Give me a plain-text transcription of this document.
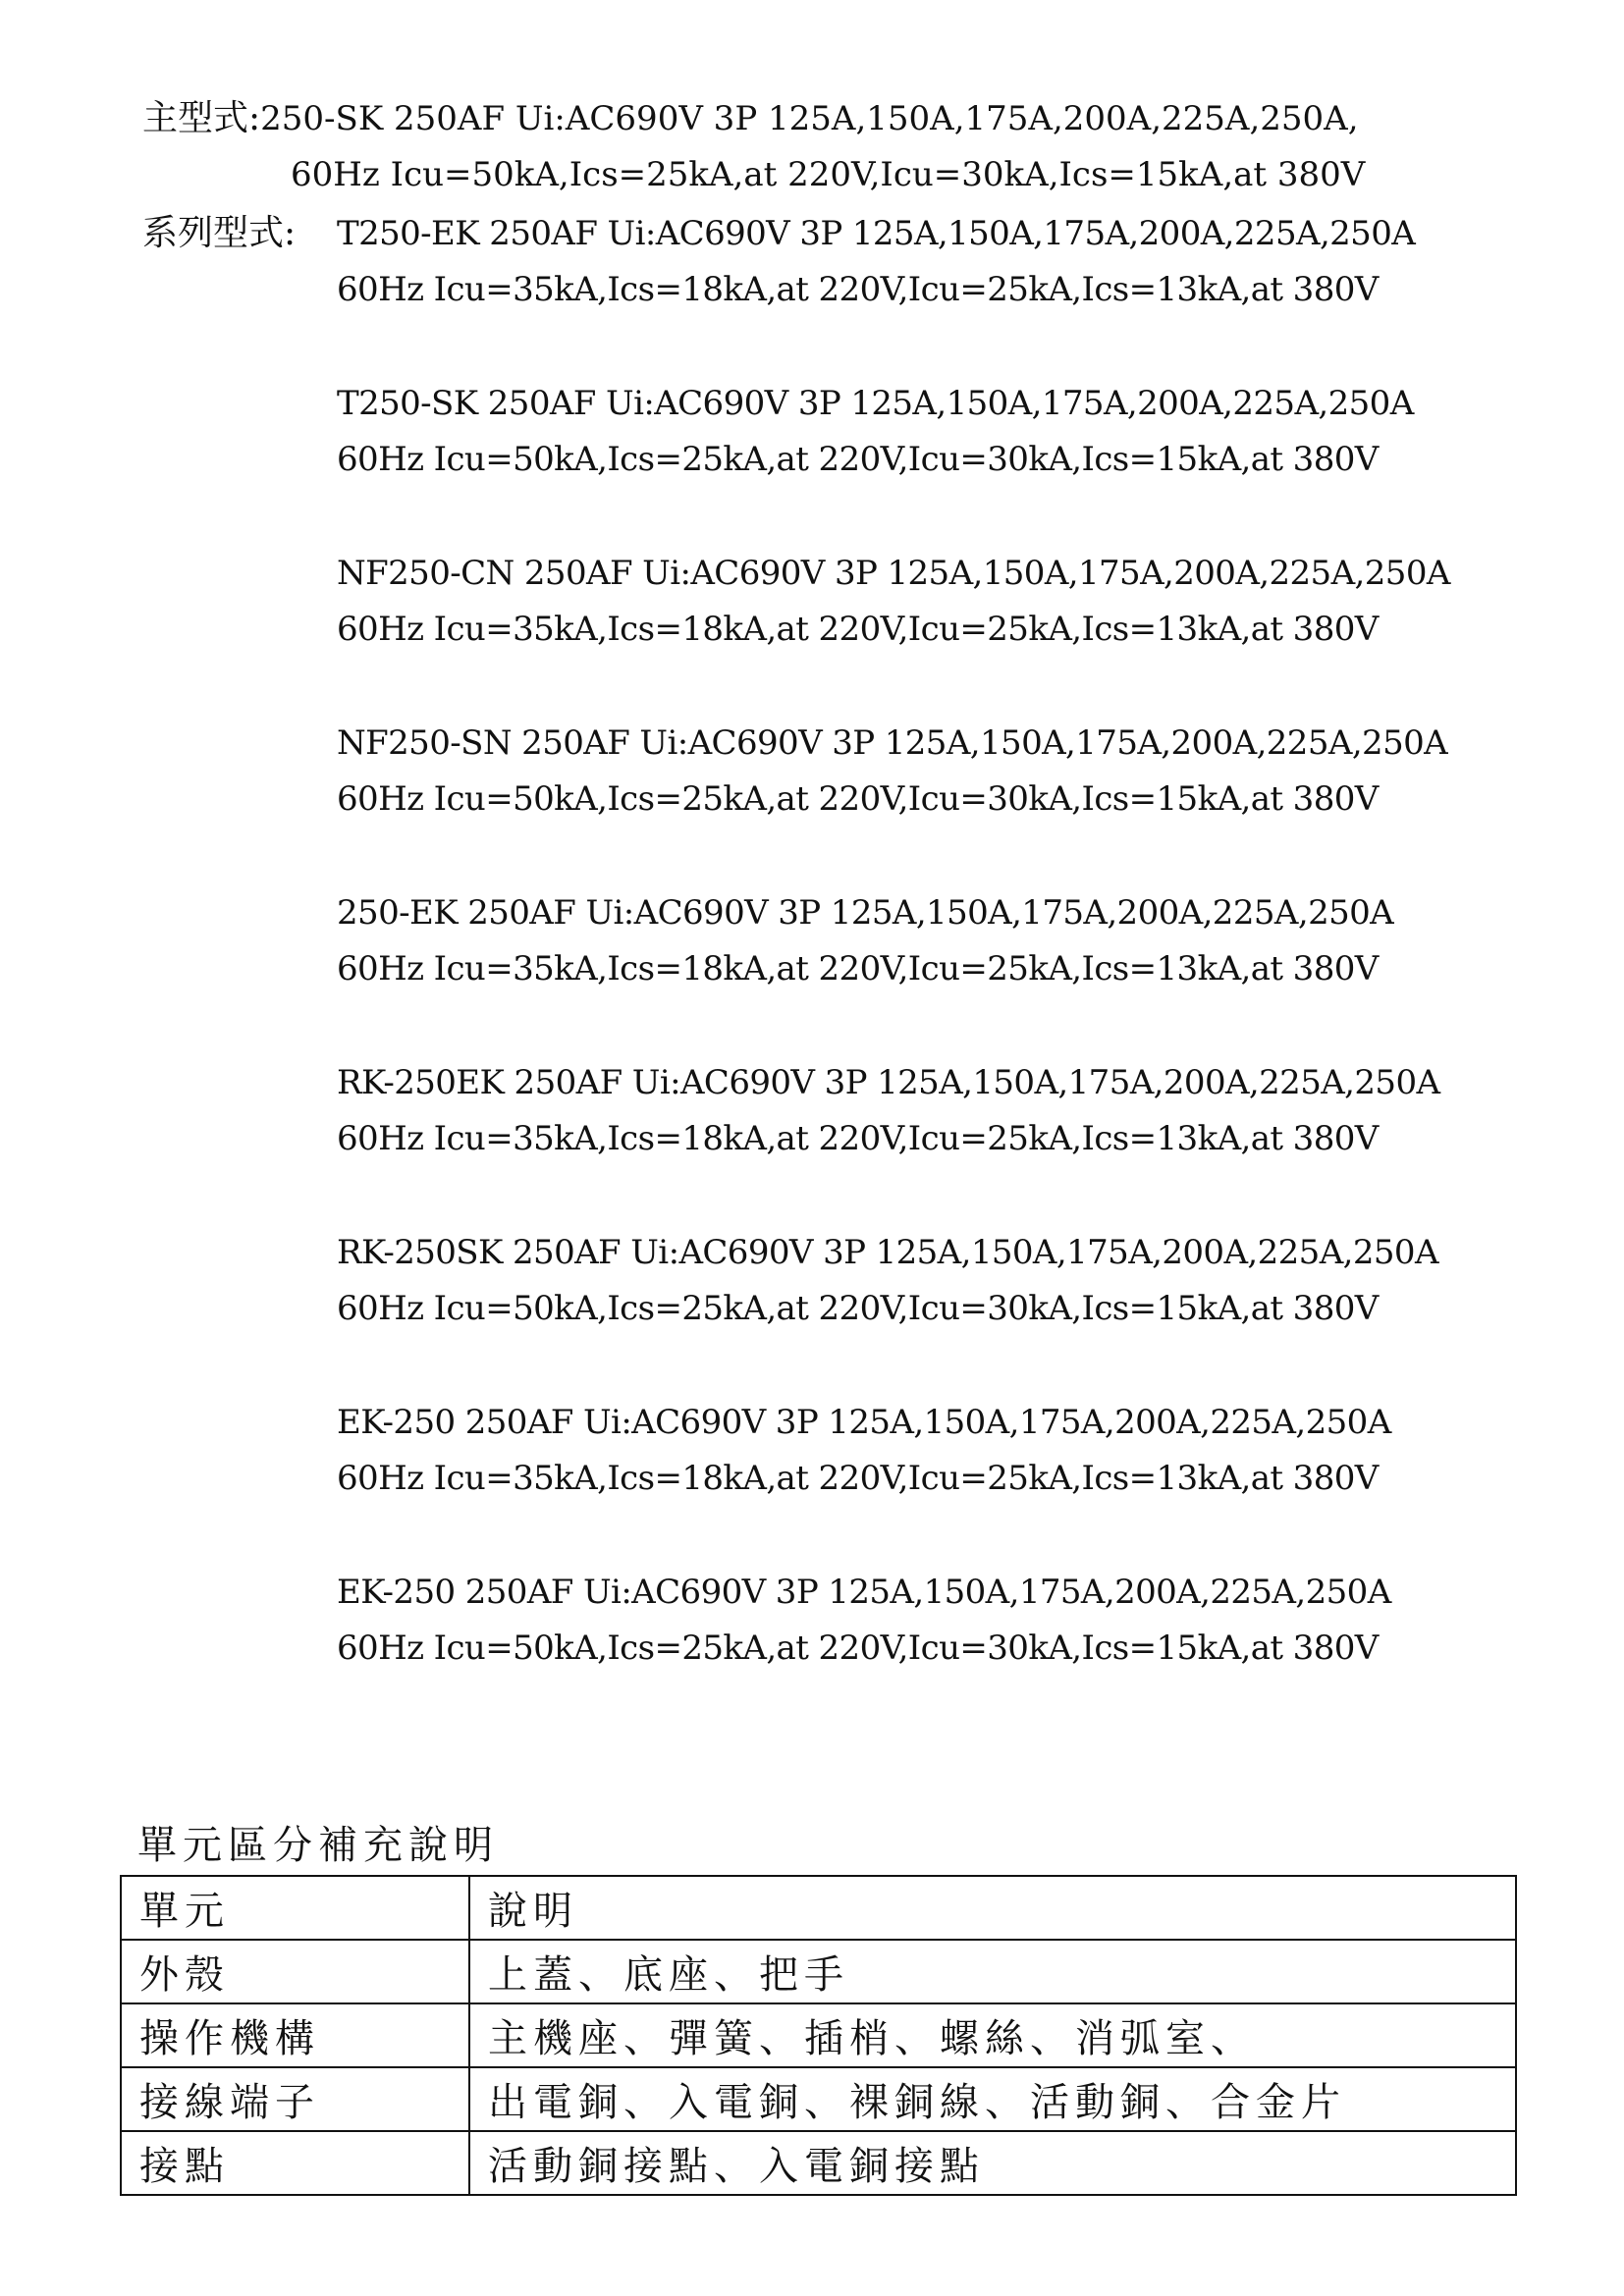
主型式:250-SK 250AF Ui:AC690V 3P 125A,150A,175A,200A,225A,250A,
60Hz Icu=50kA,Ics=25kA,at 220V,Icu=30kA,Ics=15kA,at 380V
系列型式: T250-EK 250AF Ui:AC690V 3P 125A,150A,175A,200A,225A,250A
60Hz Icu=35kA,Ics=18kA,at 220V,Icu=25kA,Ics=13kA,at 380V
T250-SK 250AF Ui:AC690V 3P 125A,150A,175A,200A,225A,250A
60Hz Icu=50kA,Ics=25kA,at 220V,Icu=30kA,Ics=15kA,at 380V
NF250-CN 250AF Ui:AC690V 3P 125A,150A,175A,200A,225A,250A
60Hz Icu=35kA,Ics=18kA,at 220V,Icu=25kA,Ics=13kA,at 380V
NF250-SN 250AF Ui:AC690V 3P 125A,150A,175A,200A,225A,250A
60Hz Icu=50kA,Ics=25kA,at 220V,Icu=30kA,Ics=15kA,at 380V
250-EK 250AF Ui:AC690V 3P 125A,150A,175A,200A,225A,250A
60Hz Icu=35kA,Ics=18kA,at 220V,Icu=25kA,Ics=13kA,at 380V
RK-250EK 250AF Ui:AC690V 3P 125A,150A,175A,200A,225A,250A
60Hz Icu=35kA,Ics=18kA,at 220V,Icu=25kA,Ics=13kA,at 380V
RK-250SK 250AF Ui:AC690V 3P 125A,150A,175A,200A,225A,250A
60Hz Icu=50kA,Ics=25kA,at 220V,Icu=30kA,Ics=15kA,at 380V
EK-250 250AF Ui:AC690V 3P 125A,150A,175A,200A,225A,250A
60Hz Icu=35kA,Ics=18kA,at 220V,Icu=25kA,Ics=13kA,at 380V
EK-250 250AF Ui:AC690V 3P 125A,150A,175A,200A,225A,250A
60Hz Icu=50kA,Ics=25kA,at 220V,Icu=30kA,Ics=15kA,at 380V
單元區分補充說明
單元	說明
外殼	上蓋、底座、把手
操作機構	主機座、彈簧、插梢、螺絲、消弧室、
接線端子	出電銅、入電銅、裸銅線、活動銅、合金片
接點	活動銅接點、入電銅接點
